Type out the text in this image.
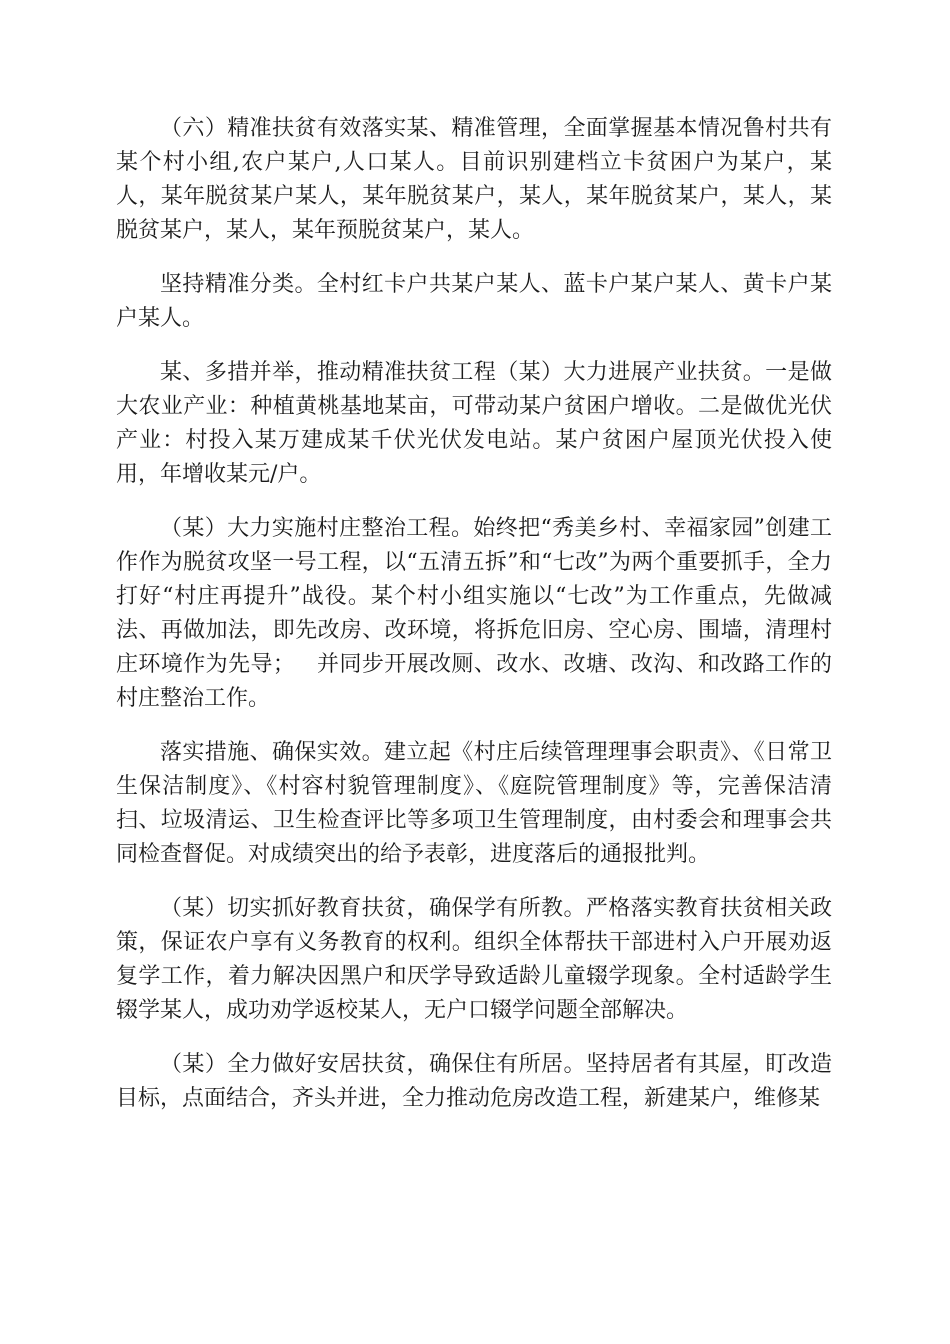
（六）精准扶贫有效落实某、精准管理，全面掌握基本情况鲁村共有某个村小组,农户某户,人口某人。目前识别建档立卡贫困户为某户，某人，某年脱贫某户某人，某年脱贫某户，某人，某年脱贫某户，某人，某脱贫某户，某人，某年预脱贫某户，某人。

坚持精准分类。全村红卡户共某户某人、蓝卡户某户某人、黄卡户某户某人。

某、多措并举，推动精准扶贫工程（某）大力进展产业扶贫。一是做大农业产业：种植黄桃基地某亩，可带动某户贫困户增收。二是做优光伏产业：村投入某万建成某千伏光伏发电站。某户贫困户屋顶光伏投入使用，年增收某元/户。

（某）大力实施村庄整治工程。始终把“秀美乡村、幸福家园”创建工作作为脱贫攻坚一号工程，以“五清五拆”和“七改”为两个重要抓手，全力打好“村庄再提升”战役。某个村小组实施以“七改”为工作重点，先做减法、再做加法，即先改房、改环境，将拆危旧房、空心房、围墙，清理村庄环境作为先导；   并同步开展改厕、改水、改塘、改沟、和改路工作的村庄整治工作。

落实措施、确保实效。建立起《村庄后续管理理事会职责》、《日常卫生保洁制度》、《村容村貌管理制度》、《庭院管理制度》等，完善保洁清扫、垃圾清运、卫生检查评比等多项卫生管理制度，由村委会和理事会共同检查督促。对成绩突出的给予表彰，进度落后的通报批判。

（某）切实抓好教育扶贫，确保学有所教。严格落实教育扶贫相关政策，保证农户享有义务教育的权利。组织全体帮扶干部进村入户开展劝返复学工作，着力解决因黑户和厌学导致适龄儿童辍学现象。全村适龄学生辍学某人，成功劝学返校某人，无户口辍学问题全部解决。

（某）全力做好安居扶贫，确保住有所居。坚持居者有其屋，盯改造目标，点面结合，齐头并进，全力推动危房改造工程，新建某户，维修某
